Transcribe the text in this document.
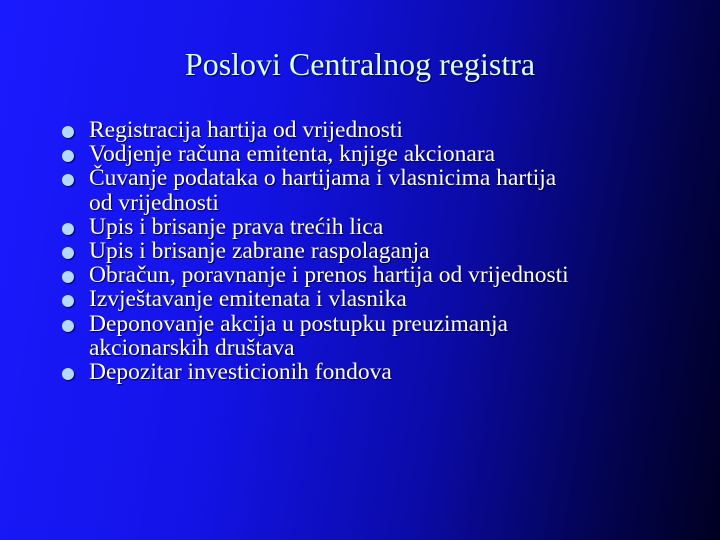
Poslovi Centralnog registra
Registracija hartija od vrijednosti
Vodjenje računa emitenta, knjige akcionara
Čuvanje podataka o hartijama i vlasnicima hartija
od vrijednosti
Upis i brisanje prava trećih lica
Upis i brisanje zabrane raspolaganja
Obračun, poravnanje i prenos hartija od vrijednosti
Izvještavanje emitenata i vlasnika
Deponovanje akcija u postupku preuzimanja
akcionarskih društava
Depozitar investicionih fondova
